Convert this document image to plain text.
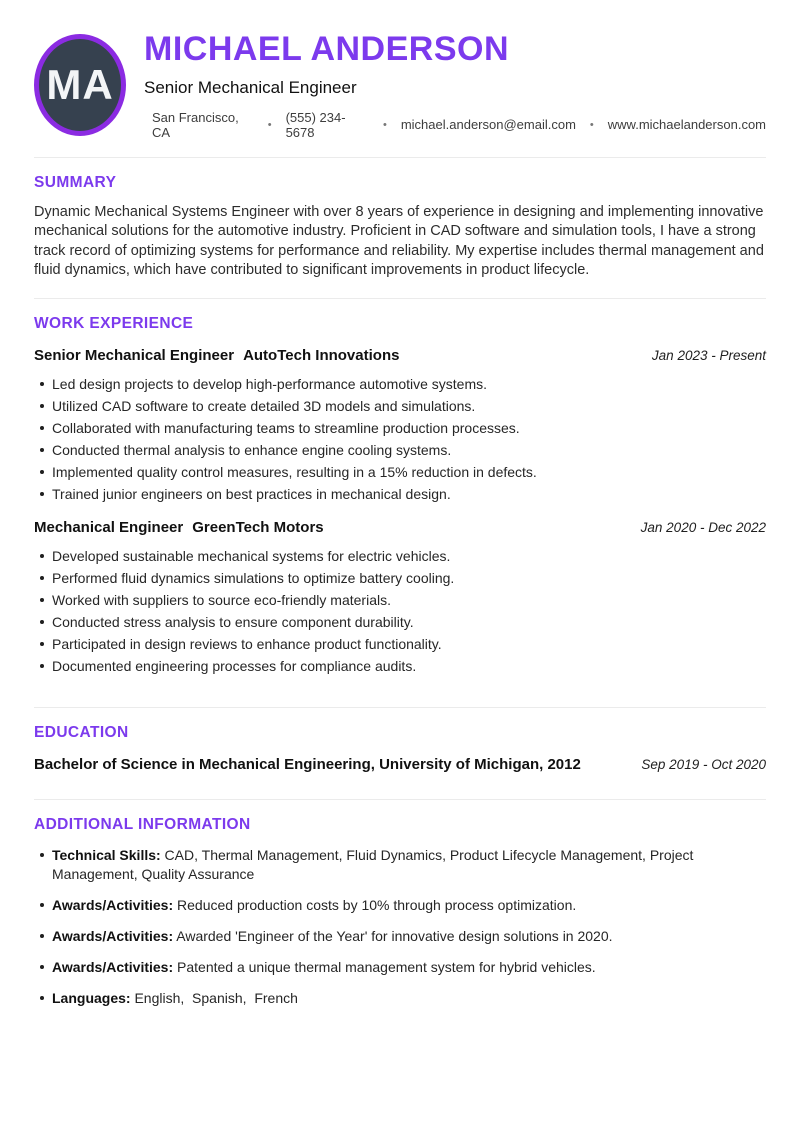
MA
MICHAEL ANDERSON
Senior Mechanical Engineer
San Francisco, CA	• (555) 234-5678	• michael.anderson@email.com • www.michaelanderson.com
SUMMARY

Dynamic Mechanical Systems Engineer with over 8 years of experience in designing and implementing innovative mechanical solutions for the automotive industry. Proficient in CAD software and simulation tools, I have a strong track record of optimizing systems for performance and reliability. My expertise includes thermal management and fluid dynamics, which have contributed to significant improvements in product lifecycle.

WORK EXPERIENCE
Senior Mechanical Engineer AutoTech Innovations	Jan 2023 - Present
Led design projects to develop high-performance automotive systems.
Utilized CAD software to create detailed 3D models and simulations.
Collaborated with manufacturing teams to streamline production processes.
Conducted thermal analysis to enhance engine cooling systems.
Implemented quality control measures, resulting in a 15% reduction in defects.
Trained junior engineers on best practices in mechanical design.
Mechanical Engineer GreenTech Motors	Jan 2020 - Dec 2022
Developed sustainable mechanical systems for electric vehicles.
Performed fluid dynamics simulations to optimize battery cooling.
Worked with suppliers to source eco-friendly materials.
Conducted stress analysis to ensure component durability.
Participated in design reviews to enhance product functionality.
Documented engineering processes for compliance audits.
EDUCATION
Bachelor of Science in Mechanical Engineering, University of Michigan, 2012	Sep 2019 - Oct 2020
ADDITIONAL INFORMATION
Technical Skills: CAD, Thermal Management, Fluid Dynamics, Product Lifecycle Management, Project Management, Quality Assurance
Awards/Activities: Reduced production costs by 10% through process optimization.
Awards/Activities: Awarded 'Engineer of the Year' for innovative design solutions in 2020.
Awards/Activities: Patented a unique thermal management system for hybrid vehicles.
Languages: English,  Spanish,  French
